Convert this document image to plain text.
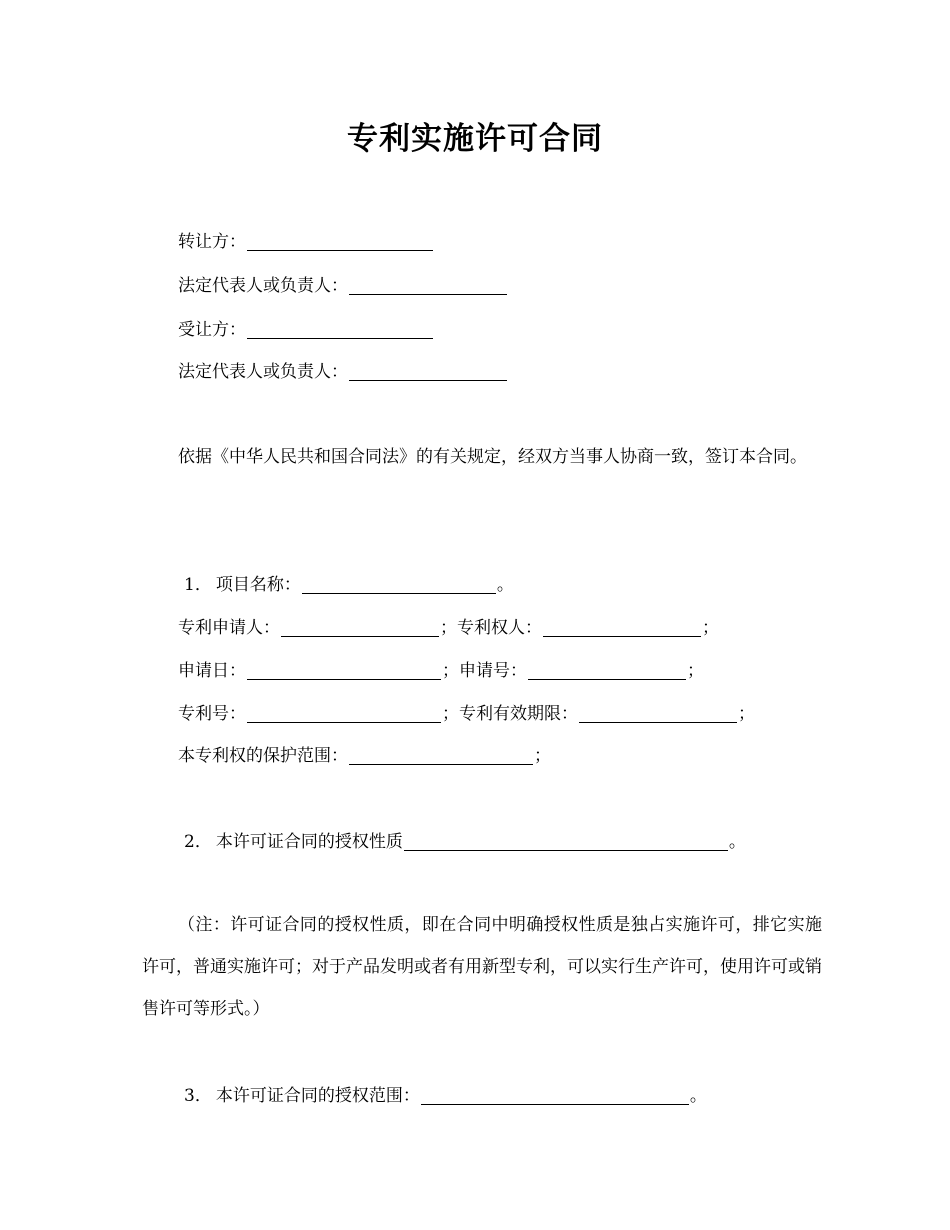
专利实施许可合同
转让方：
法定代表人或负责人：
受让方：
法定代表人或负责人：
依据《中华人民共和国合同法》的有关规定，经双方当事人协商一致，签订本合同。
1． 项目名称：	。
专利申请人：	；专利权人：	；
申请日：	；申请号：	；
专利号：	；专利有效期限：	；
本专利权的保护范围：	；
2． 本许可证合同的授权性质	。
（注：许可证合同的授权性质，即在合同中明确授权性质是独占实施许可，排它实施许可，普通实施许可；对于产品发明或者有用新型专利，可以实行生产许可，使用许可或销售许可等形式。）
3． 本许可证合同的授权范围：	。
